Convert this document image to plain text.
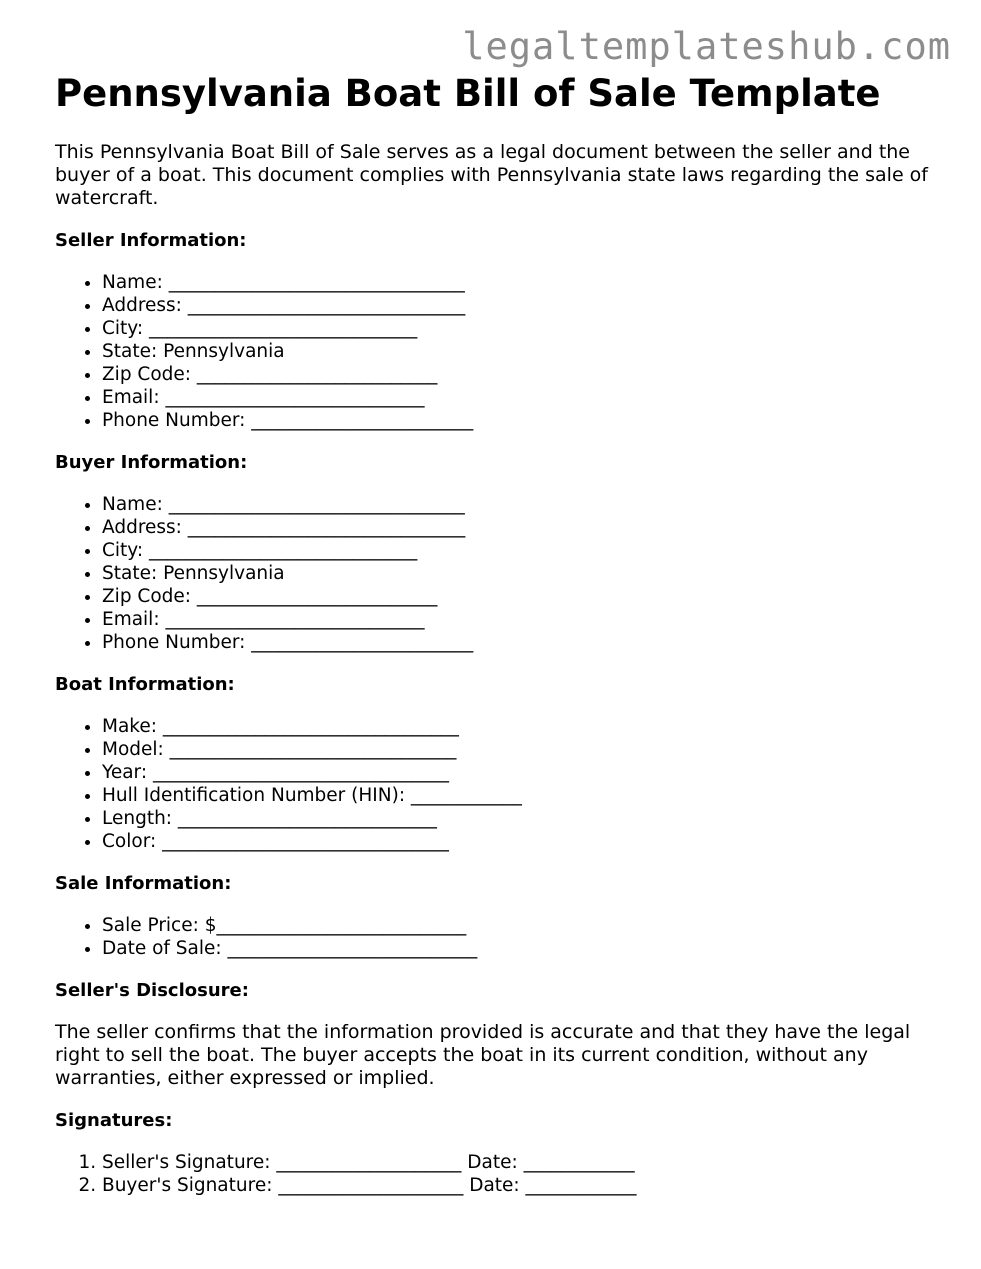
legaltemplateshub.com
Pennsylvania Boat Bill of Sale Template

This Pennsylvania Boat Bill of Sale serves as a legal document between the seller and the buyer of a boat. This document complies with Pennsylvania state laws regarding the sale of watercraft.

Seller Information:
• Name: ________________________________
• Address: ______________________________
• City: _____________________________
• State: Pennsylvania
• Zip Code: __________________________
• Email: ____________________________
• Phone Number: ________________________
Buyer Information:
• Name: ________________________________
• Address: ______________________________
• City: _____________________________
• State: Pennsylvania
• Zip Code: __________________________
• Email: ____________________________
• Phone Number: ________________________
Boat Information:
• Make: ________________________________
• Model: _______________________________
• Year: ________________________________
• Hull Identification Number (HIN): ____________
• Length: ____________________________
• Color: _______________________________
Sale Information:
• Sale Price: $___________________________
• Date of Sale: ___________________________
Seller's Disclosure:

The seller confirms that the information provided is accurate and that they have the legal right to sell the boat. The buyer accepts the boat in its current condition, without any warranties, either expressed or implied.

Signatures:
1. Seller's Signature: ____________________ Date: ____________
2. Buyer's Signature: ____________________ Date: ____________
